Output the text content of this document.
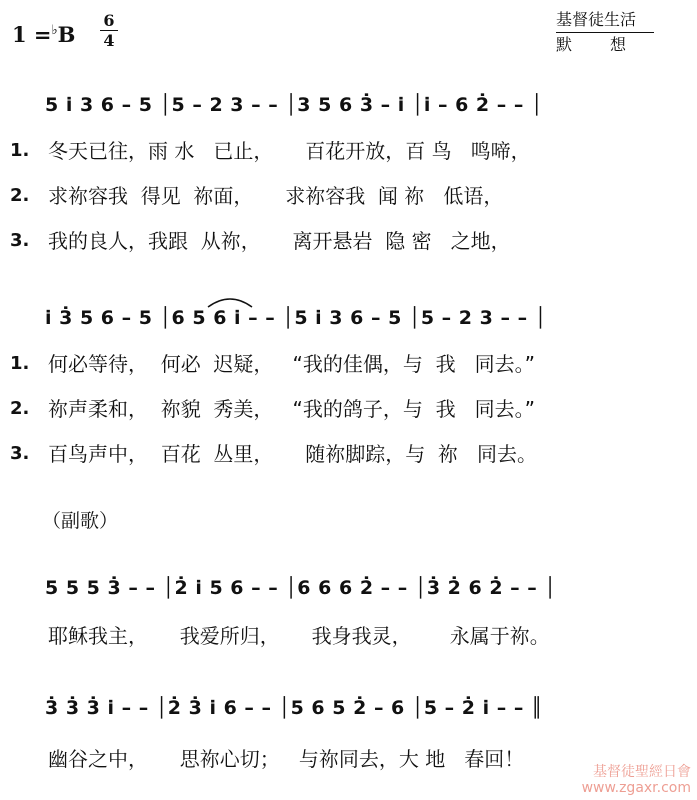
1 =♭B
6
4
基督徒生活
默想
5 i̇ 3 6 – 5 │5 – 2 3 – – │3 5 6 3̇ – i̇ │i̇ – 6 2̇ – – │
1. 冬天已往，雨 水   已止，     百花开放，百 鸟   鸣啼，
2. 求祢容我  得见  祢面，     求祢容我  闻 祢   低语，
3. 我的良人，我跟  从祢，     离开悬岩  隐 密   之地，
i̇ 3̇ 5 6 – 5 │6 5 6 i̇ – – │5 i̇ 3 6 – 5 │5 – 2 3 – – │
1. 何必等待，  何必  迟疑，   “我的佳偶，与  我   同去。”
2. 祢声柔和，  祢貌  秀美，   “我的鸽子，与  我   同去。”
3. 百鸟声中，  百花  丛里，     随祢脚踪，与  祢   同去。
（副歌）
5 5 5 3̇ – – │2̇ i̇ 5 6 – – │6 6 6 2̇ – – │3̇ 2̇ 6 2̇ – – │
耶稣我主，     我爱所归，     我身我灵，      永属于祢。
3̇ 3̇ 3̇ i̇ – – │2̇ 3̇ i̇ 6 – – │5 6 5 2̇ – 6 │5 – 2̇ i̇ – – ║
幽谷之中，     思祢心切；   与祢同去，大 地   春回！
基督徒聖經日會
www.zgaxr.com
